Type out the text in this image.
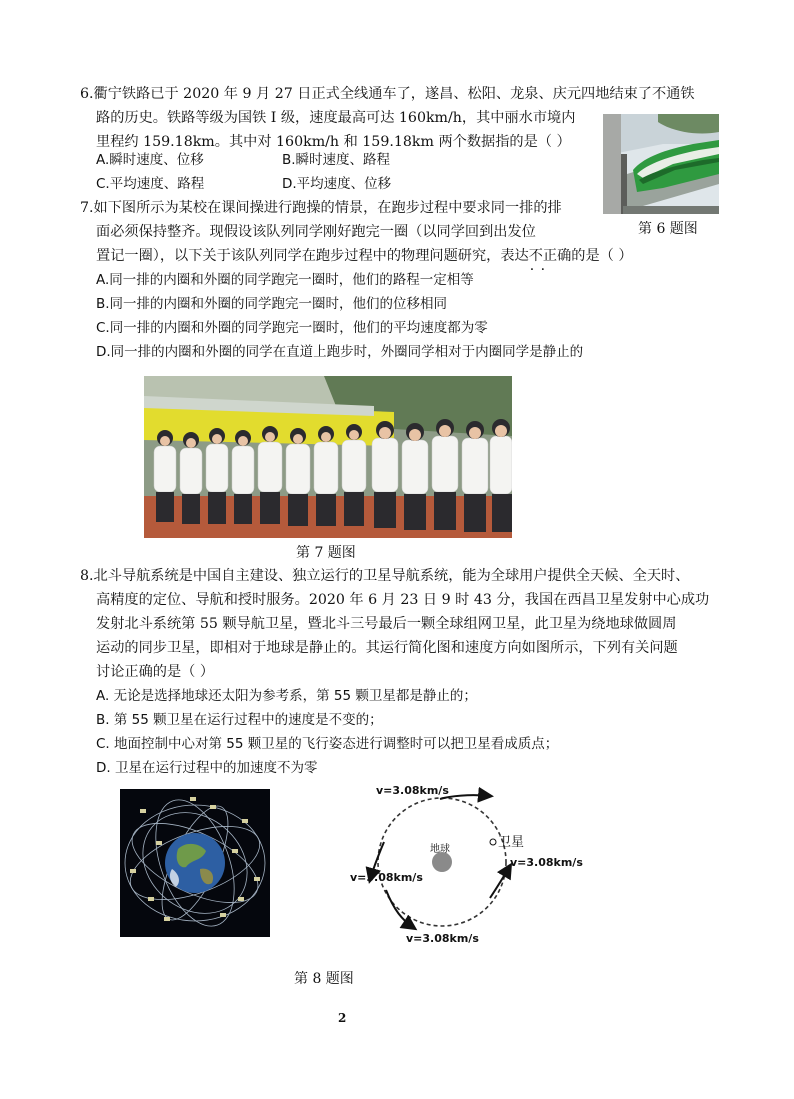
6.衢宁铁路已于 2020 年 9 月 27 日正式全线通车了，遂昌、松阳、龙泉、庆元四地结束了不通铁
路的历史。铁路等级为国铁 Ⅰ 级，速度最高可达 160km/h，其中丽水市境内
里程约 159.18km。其中对 160km/h 和 159.18km 两个数据指的是（ ）
A.瞬时速度、位移	B.瞬时速度、路程
C.平均速度、路程	D.平均速度、位移
第 6 题图
7.如下图所示为某校在课间操进行跑操的情景，在跑步过程中要求同一排的排
面必须保持整齐。现假设该队列同学刚好跑完一圈（以同学回到出发位
置记一圈），以下关于该队列同学在跑步过程中的物理问题研究，表达不正确 · ·的是（ ）
A.同一排的内圈和外圈的同学跑完一圈时，他们的路程一定相等
B.同一排的内圈和外圈的同学跑完一圈时，他们的位移相同
C.同一排的内圈和外圈的同学跑完一圈时，他们的平均速度都为零
D.同一排的内圈和外圈的同学在直道上跑步时，外圈同学相对于内圈同学是静止的
第 7 题图
8.北斗导航系统是中国自主建设、独立运行的卫星导航系统，能为全球用户提供全天候、全天时、
高精度的定位、导航和授时服务。2020 年 6 月 23 日 9 时 43 分，我国在西昌卫星发射中心成功
发射北斗系统第 55 颗导航卫星，暨北斗三号最后一颗全球组网卫星，此卫星为绕地球做圆周
运动的同步卫星，即相对于地球是静止的。其运行简化图和速度方向如图所示，下列有关问题
讨论正确的是（ ）
A. 无论是选择地球还太阳为参考系，第 55 颗卫星都是静止的；
B. 第 55 颗卫星在运行过程中的速度是不变的；
C. 地面控制中心对第 55 颗卫星的飞行姿态进行调整时可以把卫星看成质点；
D. 卫星在运行过程中的加速度不为零
v=3.08km/s
v=3.08km/s
v=3.08km/s
v=3.08km/s
地球	卫星
第 8 题图
2
